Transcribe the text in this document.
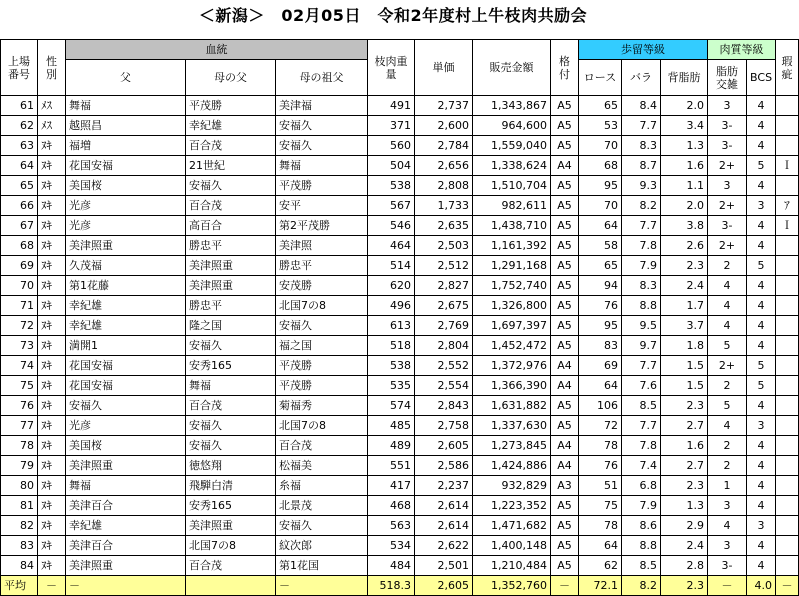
＜新潟＞　02月05日　令和2年度村上牛枝肉共励会
上場番号	性別	血統			枝肉重量	単価	販売金額	格付	歩留等級			肉質等級		瑕疵
		父	母の父	母の祖父					ロース	バラ	背脂肪	脂肪交雑	BCS	
61	ﾒｽ	舞福	平茂勝	美津福	491	2,737	1,343,867	A5	65	8.4	2.0	3	4	
62	ﾒｽ	越照昌	幸紀雄	安福久	371	2,600	964,600	A5	53	7.7	3.4	3-	4	
63	ﾇｷ	福増	百合茂	安福久	560	2,784	1,559,040	A5	70	8.3	1.3	3-	4	
64	ﾇｷ	花国安福	21世紀	舞福	504	2,656	1,338,624	A4	68	8.7	1.6	2+	5	Ｉ
65	ﾇｷ	美国桜	安福久	平茂勝	538	2,808	1,510,704	A5	95	9.3	1.1	3	4	
66	ﾇｷ	光彦	百合茂	安平	567	1,733	982,611	A5	70	8.2	2.0	2+	3	ｱ
67	ﾇｷ	光彦	高百合	第2平茂勝	546	2,635	1,438,710	A5	64	7.7	3.8	3-	4	Ｉ
68	ﾇｷ	美津照重	勝忠平	美津照	464	2,503	1,161,392	A5	58	7.8	2.6	2+	4	
69	ﾇｷ	久茂福	美津照重	勝忠平	514	2,512	1,291,168	A5	65	7.9	2.3	2	5	
70	ﾇｷ	第1花藤	美津照重	安茂勝	620	2,827	1,752,740	A5	94	8.3	2.4	4	4	
71	ﾇｷ	幸紀雄	勝忠平	北国7の8	496	2,675	1,326,800	A5	76	8.8	1.7	4	4	
72	ﾇｷ	幸紀雄	隆之国	安福久	613	2,769	1,697,397	A5	95	9.5	3.7	4	4	
73	ﾇｷ	満開1	安福久	福之国	518	2,804	1,452,472	A5	83	9.7	1.8	5	4	
74	ﾇｷ	花国安福	安秀165	平茂勝	538	2,552	1,372,976	A4	69	7.7	1.5	2+	5	
75	ﾇｷ	花国安福	舞福	平茂勝	535	2,554	1,366,390	A4	64	7.6	1.5	2	5	
76	ﾇｷ	安福久	百合茂	菊福秀	574	2,843	1,631,882	A5	106	8.5	2.3	5	4	
77	ﾇｷ	光彦	安福久	北国7の8	485	2,758	1,337,630	A5	72	7.7	2.7	4	3	
78	ﾇｷ	美国桜	安福久	百合茂	489	2,605	1,273,845	A4	78	7.8	1.6	2	4	
79	ﾇｷ	美津照重	徳悠翔	松福美	551	2,586	1,424,886	A4	76	7.4	2.7	2	4	
80	ﾇｷ	舞福	飛騨白清	糸福	417	2,237	932,829	A3	51	6.8	2.3	1	4	
81	ﾇｷ	美津百合	安秀165	北景茂	468	2,614	1,223,352	A5	75	7.9	1.3	3	4	
82	ﾇｷ	幸紀雄	美津照重	安福久	563	2,614	1,471,682	A5	78	8.6	2.9	4	3	
83	ﾇｷ	美津百合	北国7の8	紋次郎	534	2,622	1,400,148	A5	64	8.8	2.4	3	4	
84	ﾇｷ	美津照重	百合茂	第1花国	484	2,501	1,210,484	A5	62	8.5	2.8	3-	4	
平均	－	－		－	518.3	2,605	1,352,760	－	72.1	8.2	2.3	－	4.0	－
